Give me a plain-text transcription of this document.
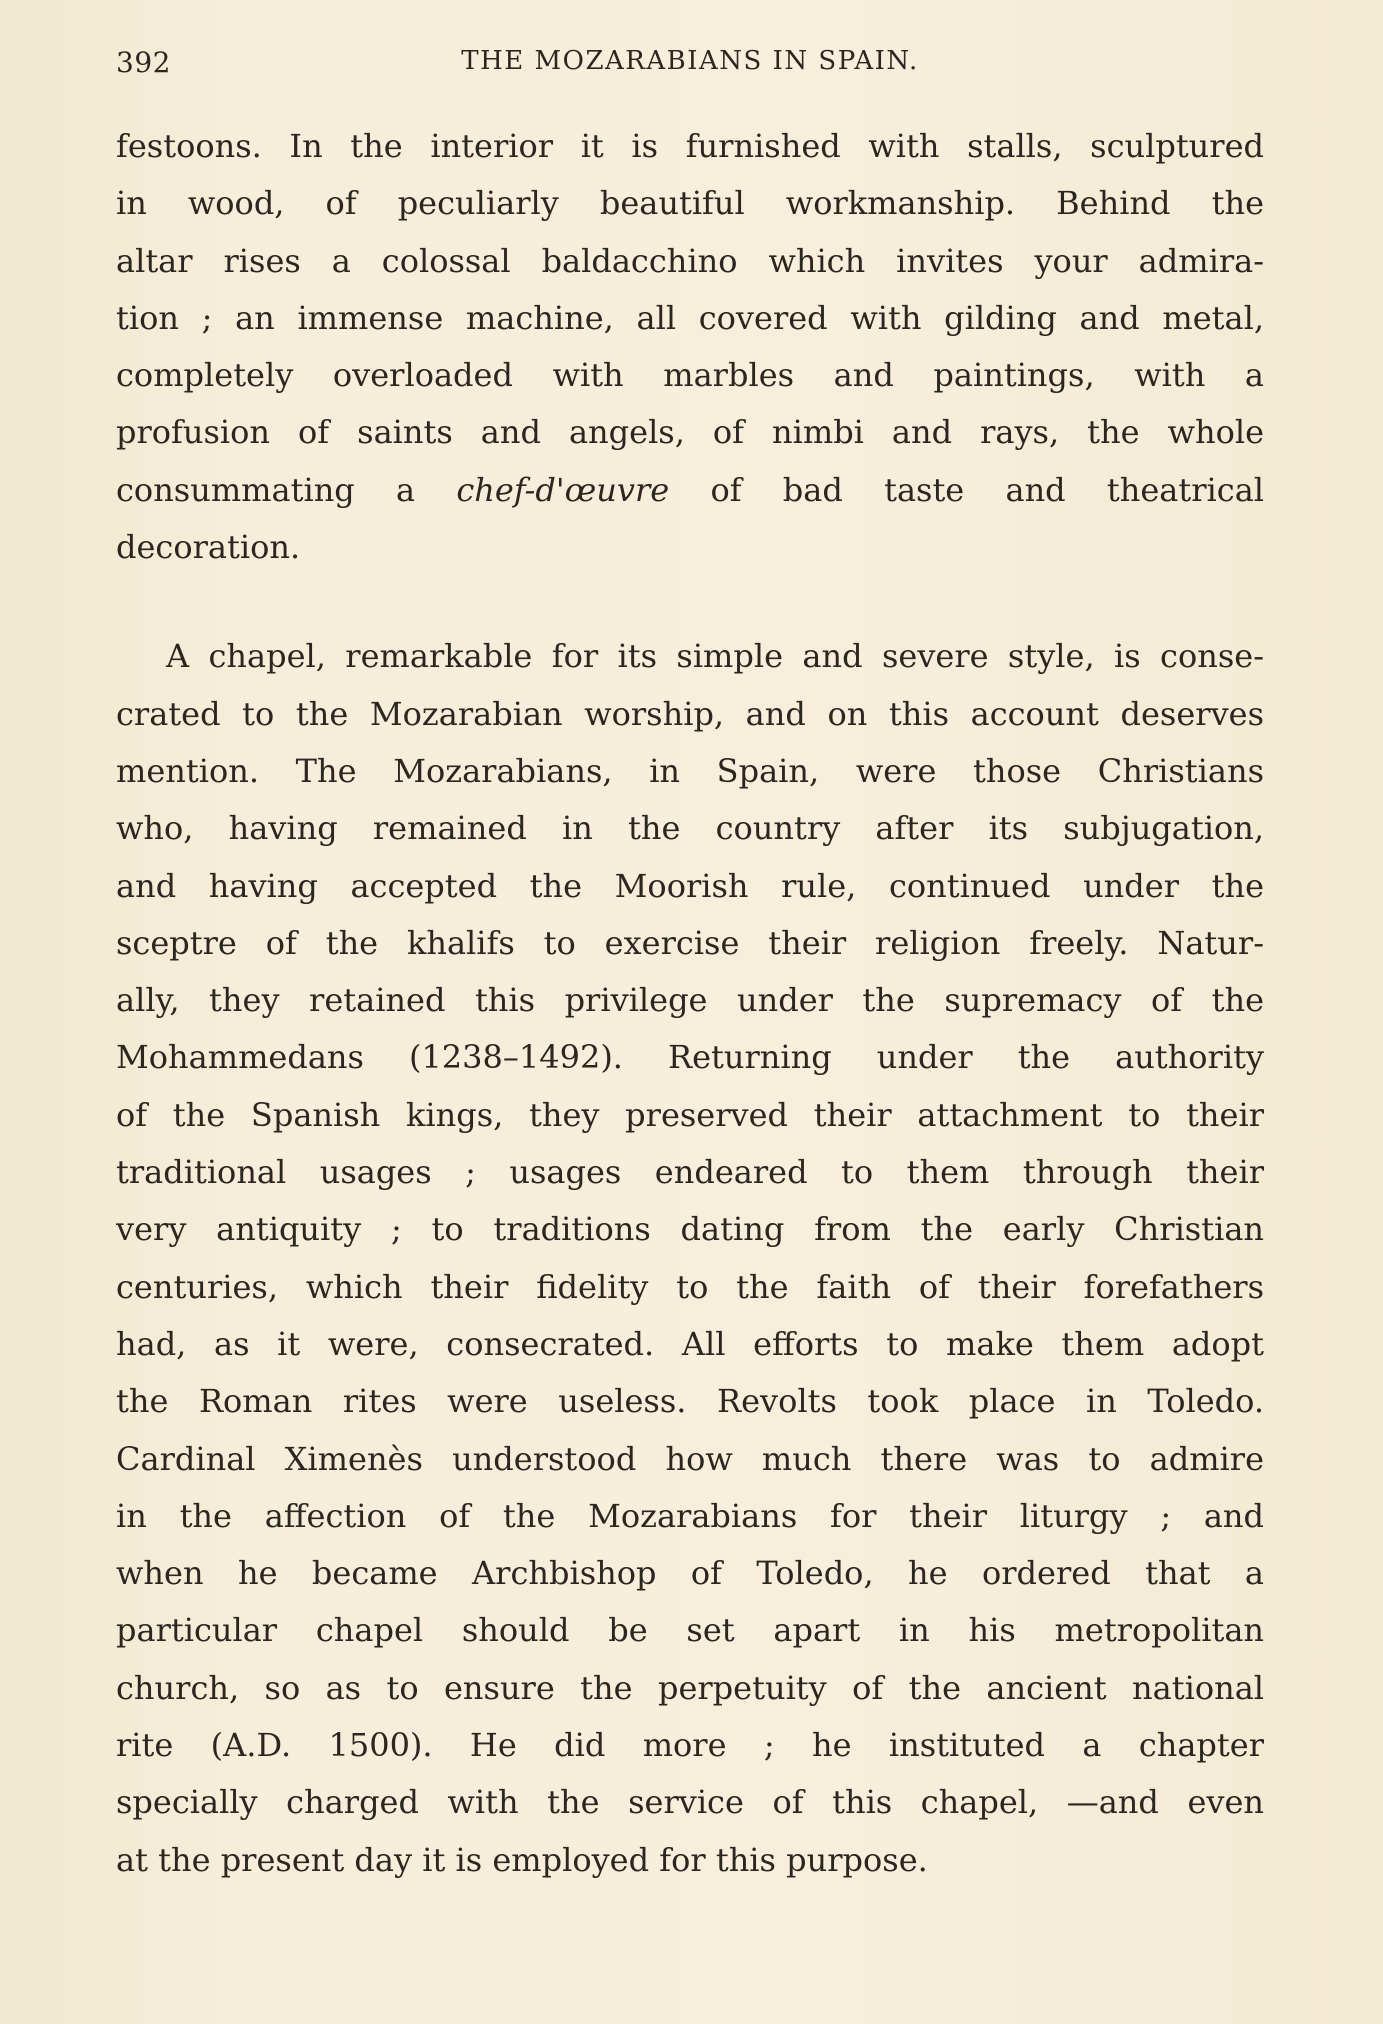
392	THE MOZARABIANS IN SPAIN.
festoons. In the interior it is furnished with stalls, sculptured
in wood, of peculiarly beautiful workmanship. Behind the
altar rises a colossal baldacchino which invites your admira-
tion ; an immense machine, all covered with gilding and metal,
completely overloaded with marbles and paintings, with a
profusion of saints and angels, of nimbi and rays, the whole
consummating a chef-d'œuvre of bad taste and theatrical
decoration.
A chapel, remarkable for its simple and severe style, is conse-
crated to the Mozarabian worship, and on this account deserves
mention. The Mozarabians, in Spain, were those Christians
who, having remained in the country after its subjugation,
and having accepted the Moorish rule, continued under the
sceptre of the khalifs to exercise their religion freely. Natur-
ally, they retained this privilege under the supremacy of the
Mohammedans (1238–1492). Returning under the authority
of the Spanish kings, they preserved their attachment to their
traditional usages ; usages endeared to them through their
very antiquity ; to traditions dating from the early Christian
centuries, which their fidelity to the faith of their forefathers
had, as it were, consecrated. All efforts to make them adopt
the Roman rites were useless. Revolts took place in Toledo.
Cardinal Ximenès understood how much there was to admire
in the affection of the Mozarabians for their liturgy ; and
when he became Archbishop of Toledo, he ordered that a
particular chapel should be set apart in his metropolitan
church, so as to ensure the perpetuity of the ancient national
rite (A.D. 1500). He did more ; he instituted a chapter
specially charged with the service of this chapel, —and even
at the present day it is employed for this purpose.
